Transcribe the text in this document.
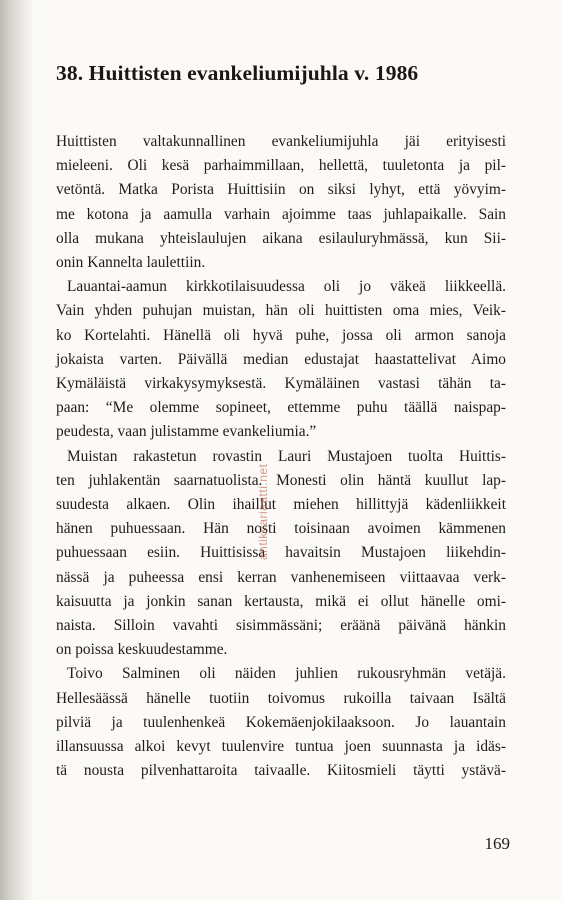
38. Huittisten evankeliumijuhla v. 1986

Huittisten valtakunnallinen evankeliumijuhla jäi erityisesti
mieleeni. Oli kesä parhaimmillaan, hellettä, tuuletonta ja pil-
vetöntä. Matka Porista Huittisiin on siksi lyhyt, että yövyim-
me kotona ja aamulla varhain ajoimme taas juhlapaikalle. Sain
olla mukana yhteislaulujen aikana esilauluryhmässä, kun Sii-
onin Kannelta laulettiin.

Lauantai-aamun kirkkotilaisuudessa oli jo väkeä liikkeellä.
Vain yhden puhujan muistan, hän oli huittisten oma mies, Veik-
ko Kortelahti. Hänellä oli hyvä puhe, jossa oli armon sanoja
jokaista varten. Päivällä median edustajat haastattelivat Aimo
Kymäläistä virkakysymyksestä. Kymäläinen vastasi tähän ta-
paan: “Me olemme sopineet, ettemme puhu täällä naispap-
peudesta, vaan julistamme evankeliumia.”

Muistan rakastetun rovastin Lauri Mustajoen tuolta Huittis-
ten juhlakentän saarnatuolista. Monesti olin häntä kuullut lap-
suudesta alkaen. Olin ihaillut miehen hillittyjä kädenliikkeit
hänen puhuessaan. Hän nosti toisinaan avoimen kämmenen
puhuessaan esiin. Huittisissa havaitsin Mustajoen liikehdin-
nässä ja puheessa ensi kerran vanhenemiseen viittaavaa verk-
kaisuutta ja jonkin sanan kertausta, mikä ei ollut hänelle omi-
naista. Silloin vavahti sisimmässäni; eräänä päivänä hänkin
on poissa keskuudestamme.

Toivo Salminen oli näiden juhlien rukousryhmän vetäjä.
Hellesäässä hänelle tuotiin toivomus rukoilla taivaan Isältä
pilviä ja tuulenhenkeä Kokemäenjokilaaksoon. Jo lauantain
illansuussa alkoi kevyt tuulenvire tuntua joen suunnasta ja idäs-
tä nousta pilvenhattaroita taivaalle. Kiitosmieli täytti ystävä-

antikvariaatti.net
169
